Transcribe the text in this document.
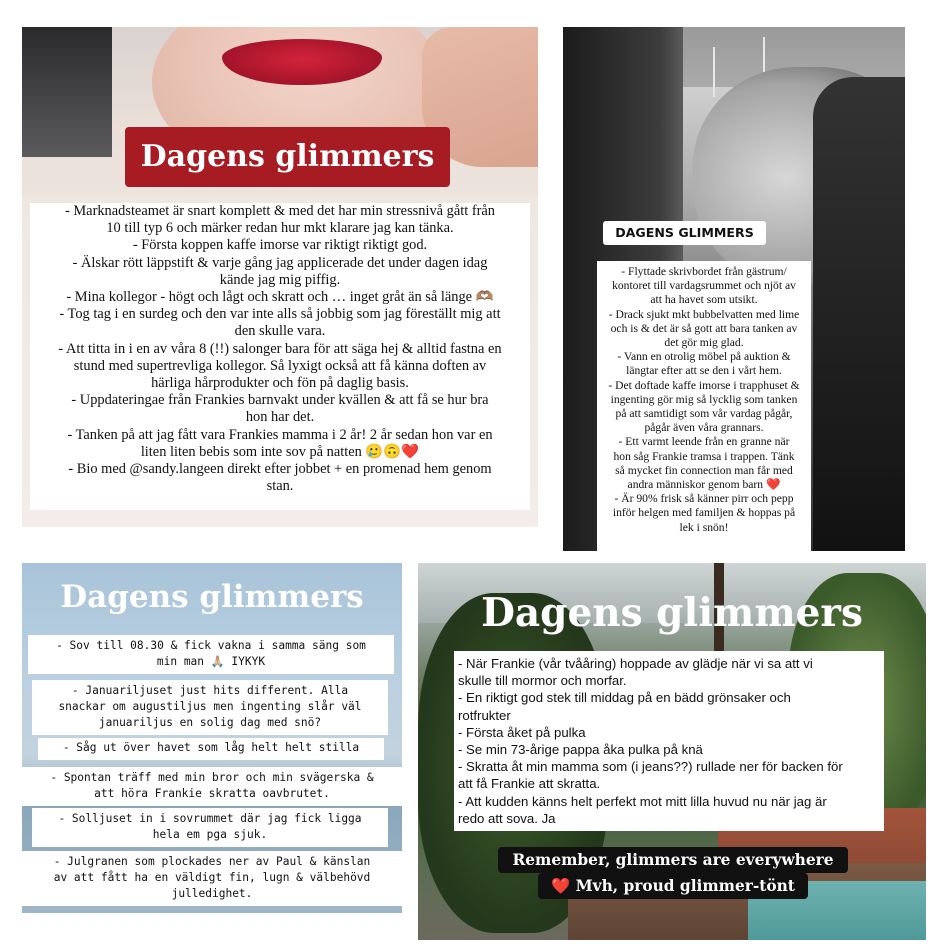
Dagens glimmers

- Marknadsteamet är snart komplett & med det har min stressnivå gått från

10 till typ 6 och märker redan hur mkt klarare jag kan tänka.

- Första koppen kaffe imorse var riktigt riktigt god.

- Älskar rött läppstift & varje gång jag applicerade det under dagen idag

kände jag mig piffig.

- Mina kollegor - högt och lågt och skratt och … inget gråt än så länge 🫶🏽

- Tog tag i en surdeg och den var inte alls så jobbig som jag föreställt mig att

den skulle vara.

- Att titta in i en av våra 8 (!!) salonger bara för att säga hej & alltid fastna en

stund med supertrevliga kollegor. Så lyxigt också att få känna doften av

härliga hårprodukter och fön på daglig basis.

- Uppdateringae från Frankies barnvakt under kvällen & att få se hur bra

hon har det.

- Tanken på att jag fått vara Frankies mamma i 2 år! 2 år sedan hon var en

liten liten bebis som inte sov på natten 🥲🙃❤️

- Bio med @sandy.langeen direkt efter jobbet + en promenad hem genom

stan.

DAGENS GLIMMERS

- Flyttade skrivbordet från gästrum/

kontoret till vardagsrummet och njöt av

att ha havet som utsikt.

- Drack sjukt mkt bubbelvatten med lime

och is & det är så gott att bara tanken av

det gör mig glad.

- Vann en otrolig möbel på auktion &

längtar efter att se den i vårt hem.

- Det doftade kaffe imorse i trapphuset &

ingenting gör mig så lycklig som tanken

på att samtidigt som vår vardag pågår,

pågår även våra grannars.

- Ett varmt leende från en granne när

hon såg Frankie tramsa i trappen. Tänk

så mycket fin connection man får med

andra människor genom barn ❤️

- Är 90% frisk så känner pirr och pepp

inför helgen med familjen & hoppas på

lek i snön!

Dagens glimmers
- Sov till 08.30 & fick vakna i samma säng som
min man 🙏🏼 IYKYK
- Januariljuset just hits different. Alla
snackar om augustiljus men ingenting slår väl
januariljus en solig dag med snö?
- Såg ut över havet som låg helt helt stilla
- Spontan träff med min bror och min svägerska &
att höra Frankie skratta oavbrutet.
- Solljuset in i sovrummet där jag fick ligga
hela em pga sjuk.
- Julgranen som plockades ner av Paul & känslan
av att fått ha en väldigt fin, lugn & välbehövd
julledighet.
Dagens glimmers

- När Frankie (vår tvååring) hoppade av glädje när vi sa att vi

skulle till mormor och morfar.

- En riktigt god stek till middag på en bädd grönsaker och

rotfrukter

- Första åket på pulka

- Se min 73-årige pappa åka pulka på knä

- Skratta åt min mamma som (i jeans??) rullade ner för backen för

att få Frankie att skratta.

- Att kudden känns helt perfekt mot mitt lilla huvud nu när jag är

redo att sova. Ja

Remember, glimmers are everywhere
❤️ Mvh, proud glimmer-tönt
